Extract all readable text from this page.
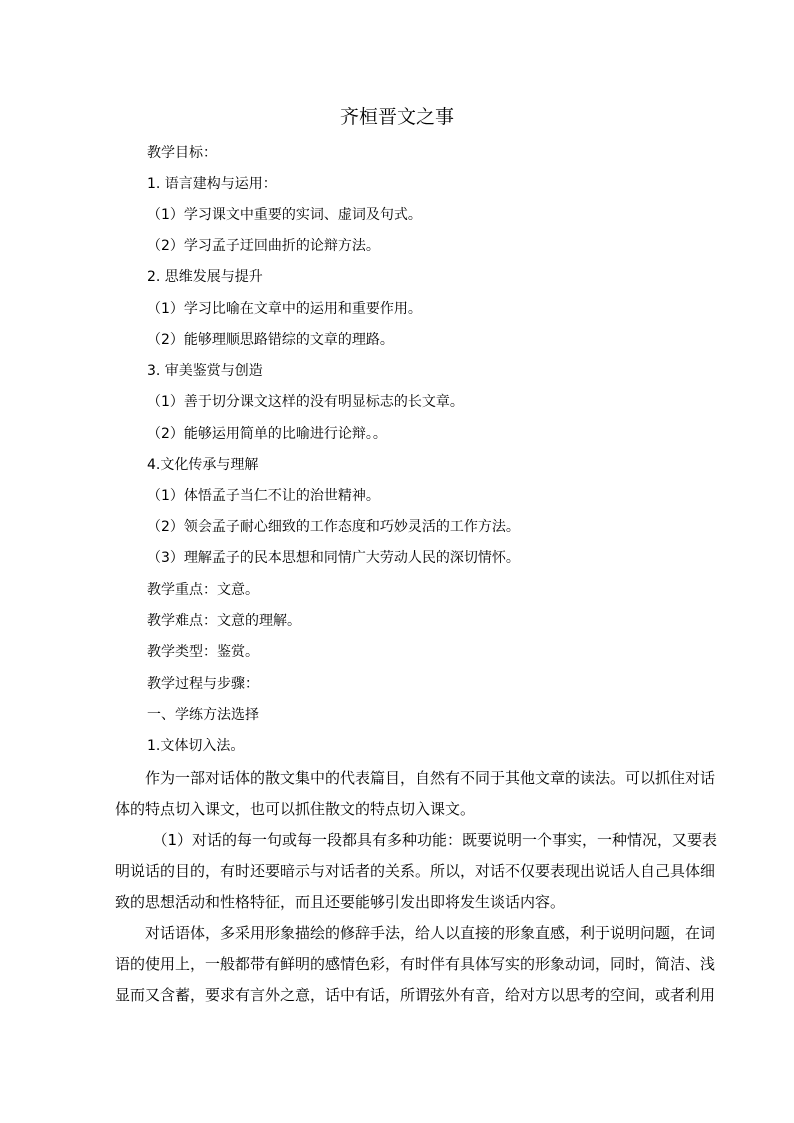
齐桓晋文之事
教学目标：
1. 语言建构与运用：
（1）学习课文中重要的实词、虚词及句式。
（2）学习孟子迂回曲折的论辩方法。
2. 思维发展与提升
（1）学习比喻在文章中的运用和重要作用。
（2）能够理顺思路错综的文章的理路。
3. 审美鉴赏与创造
（1）善于切分课文这样的没有明显标志的长文章。
（2）能够运用简单的比喻进行论辩。。
4.文化传承与理解
（1）体悟孟子当仁不让的治世精神。
（2）领会孟子耐心细致的工作态度和巧妙灵活的工作方法。
（3）理解孟子的民本思想和同情广大劳动人民的深切情怀。
教学重点：文意。
教学难点：文意的理解。
教学类型：鉴赏。
教学过程与步骤：
一、学练方法选择
1.文体切入法。
　　作为一部对话体的散文集中的代表篇目，自然有不同于其他文章的读法。可以抓住对话
体的特点切入课文，也可以抓住散文的特点切入课文。
　　　（1）对话的每一句或每一段都具有多种功能：既要说明一个事实，一种情况，又要表
明说话的目的，有时还要暗示与对话者的关系。所以，对话不仅要表现出说话人自己具体细
致的思想活动和性格特征，而且还要能够引发出即将发生谈话内容。
　　对话语体，多采用形象描绘的修辞手法，给人以直接的形象直感，利于说明问题，在词
语的使用上，一般都带有鲜明的感情色彩，有时伴有具体写实的形象动词，同时，简洁、浅
显而又含蓄，要求有言外之意，话中有话，所谓弦外有音，给对方以思考的空间，或者利用
